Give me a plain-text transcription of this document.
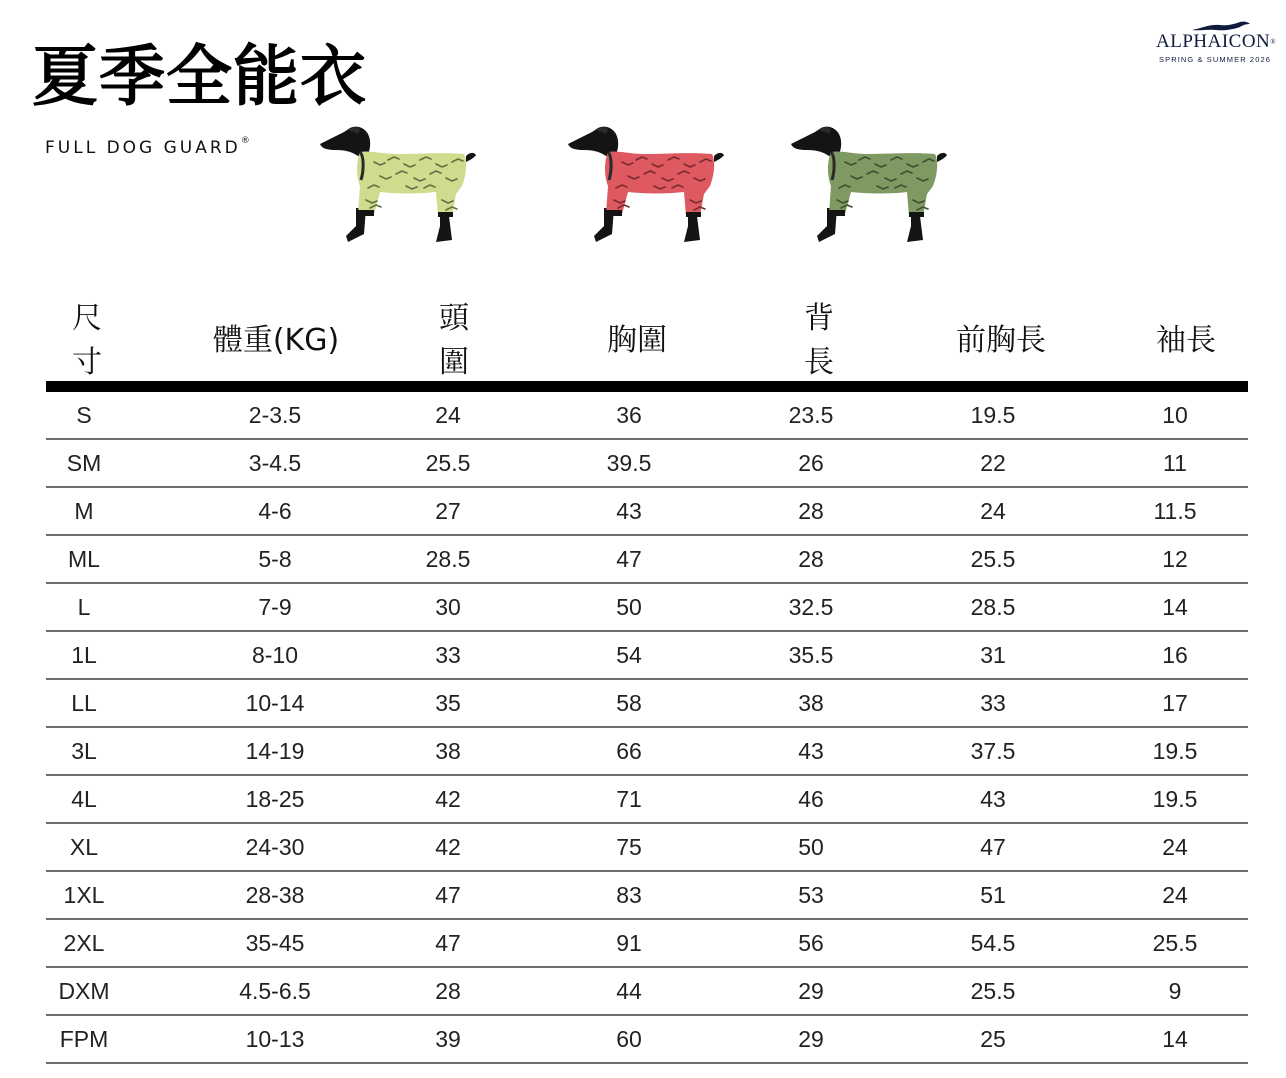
夏季全能衣
FULL DOG GUARD®
ALPHAICON®
SPRING & SUMMER 2026
尺寸	體重(KG)	頭圍	胸圍	背長	前胸長	袖長
S	2-3.5	24	36	23.5	19.5	10
SM	3-4.5	25.5	39.5	26	22	11
M	4-6	27	43	28	24	11.5
ML	5-8	28.5	47	28	25.5	12
L	7-9	30	50	32.5	28.5	14
1L	8-10	33	54	35.5	31	16
LL	10-14	35	58	38	33	17
3L	14-19	38	66	43	37.5	19.5
4L	18-25	42	71	46	43	19.5
XL	24-30	42	75	50	47	24
1XL	28-38	47	83	53	51	24
2XL	35-45	47	91	56	54.5	25.5
DXM	4.5-6.5	28	44	29	25.5	9
FPM	10-13	39	60	29	25	14
